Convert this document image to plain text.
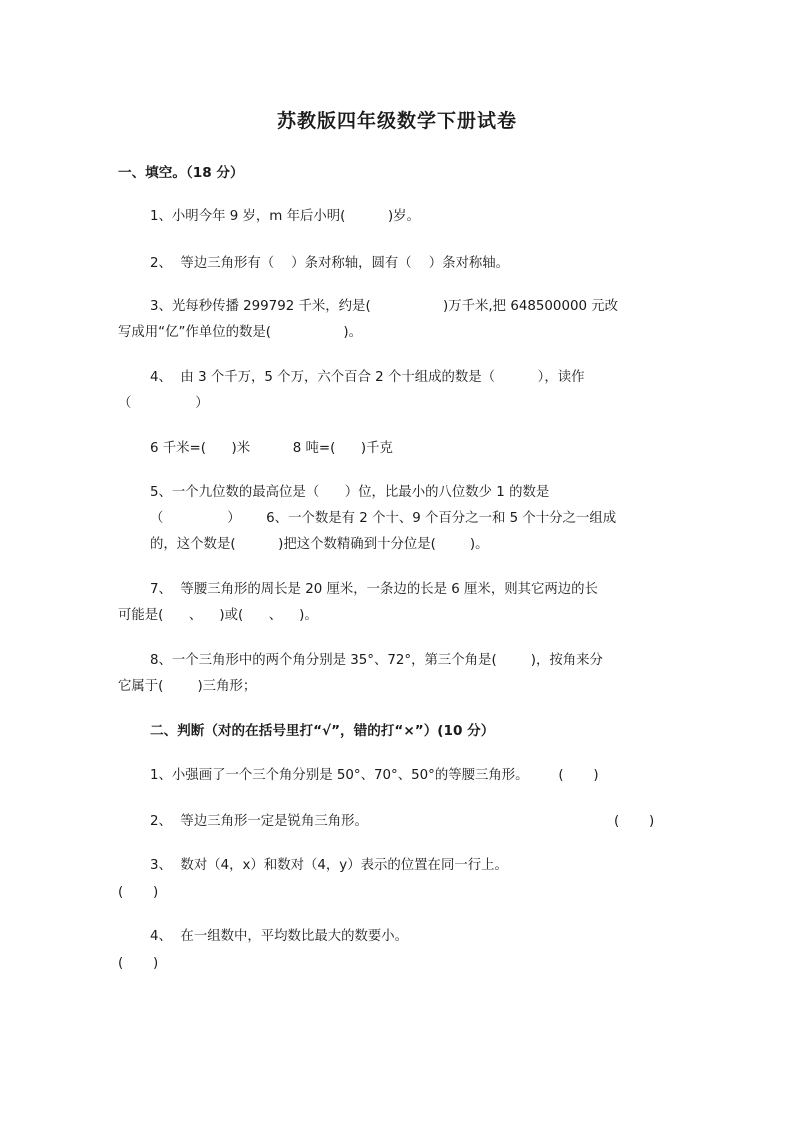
苏教版四年级数学下册试卷
一、填空。（18 分）
1、小明今年 9 岁，m 年后小明(          )岁。
2、  等边三角形有（    ）条对称轴，圆有（    ）条对称轴。
3、光每秒传播 299792 千米，约是(                 )万千米,把 648500000 元改
写成用“亿”作单位的数是(                 )。
4、  由 3 个千万，5 个万，六个百合 2 个十组成的数是（          ），读作
（               ）
6 千米=(      )米          8 吨=(      )千克
5、一个九位数的最高位是（      ）位，比最小的八位数少 1 的数是
（               ）      6、一个数是有 2 个十、9 个百分之一和 5 个十分之一组成
的，这个数是(          )把这个数精确到十分位是(        )。
7、  等腰三角形的周长是 20 厘米，一条边的长是 6 厘米，则其它两边的长
可能是(      、    )或(      、    )。
8、一个三角形中的两个角分别是 35°、72°，第三个角是(        )，按角来分
它属于(        )三角形；
二、判断（对的在括号里打“√”，错的打“×”）(10 分）
1、小强画了一个三个角分别是 50°、70°、50°的等腰三角形。       (       )
2、  等边三角形一定是锐角三角形。	(       )
3、  数对（4，x）和数对（4，y）表示的位置在同一行上。
(       )
4、  在一组数中，平均数比最大的数要小。
(       )
